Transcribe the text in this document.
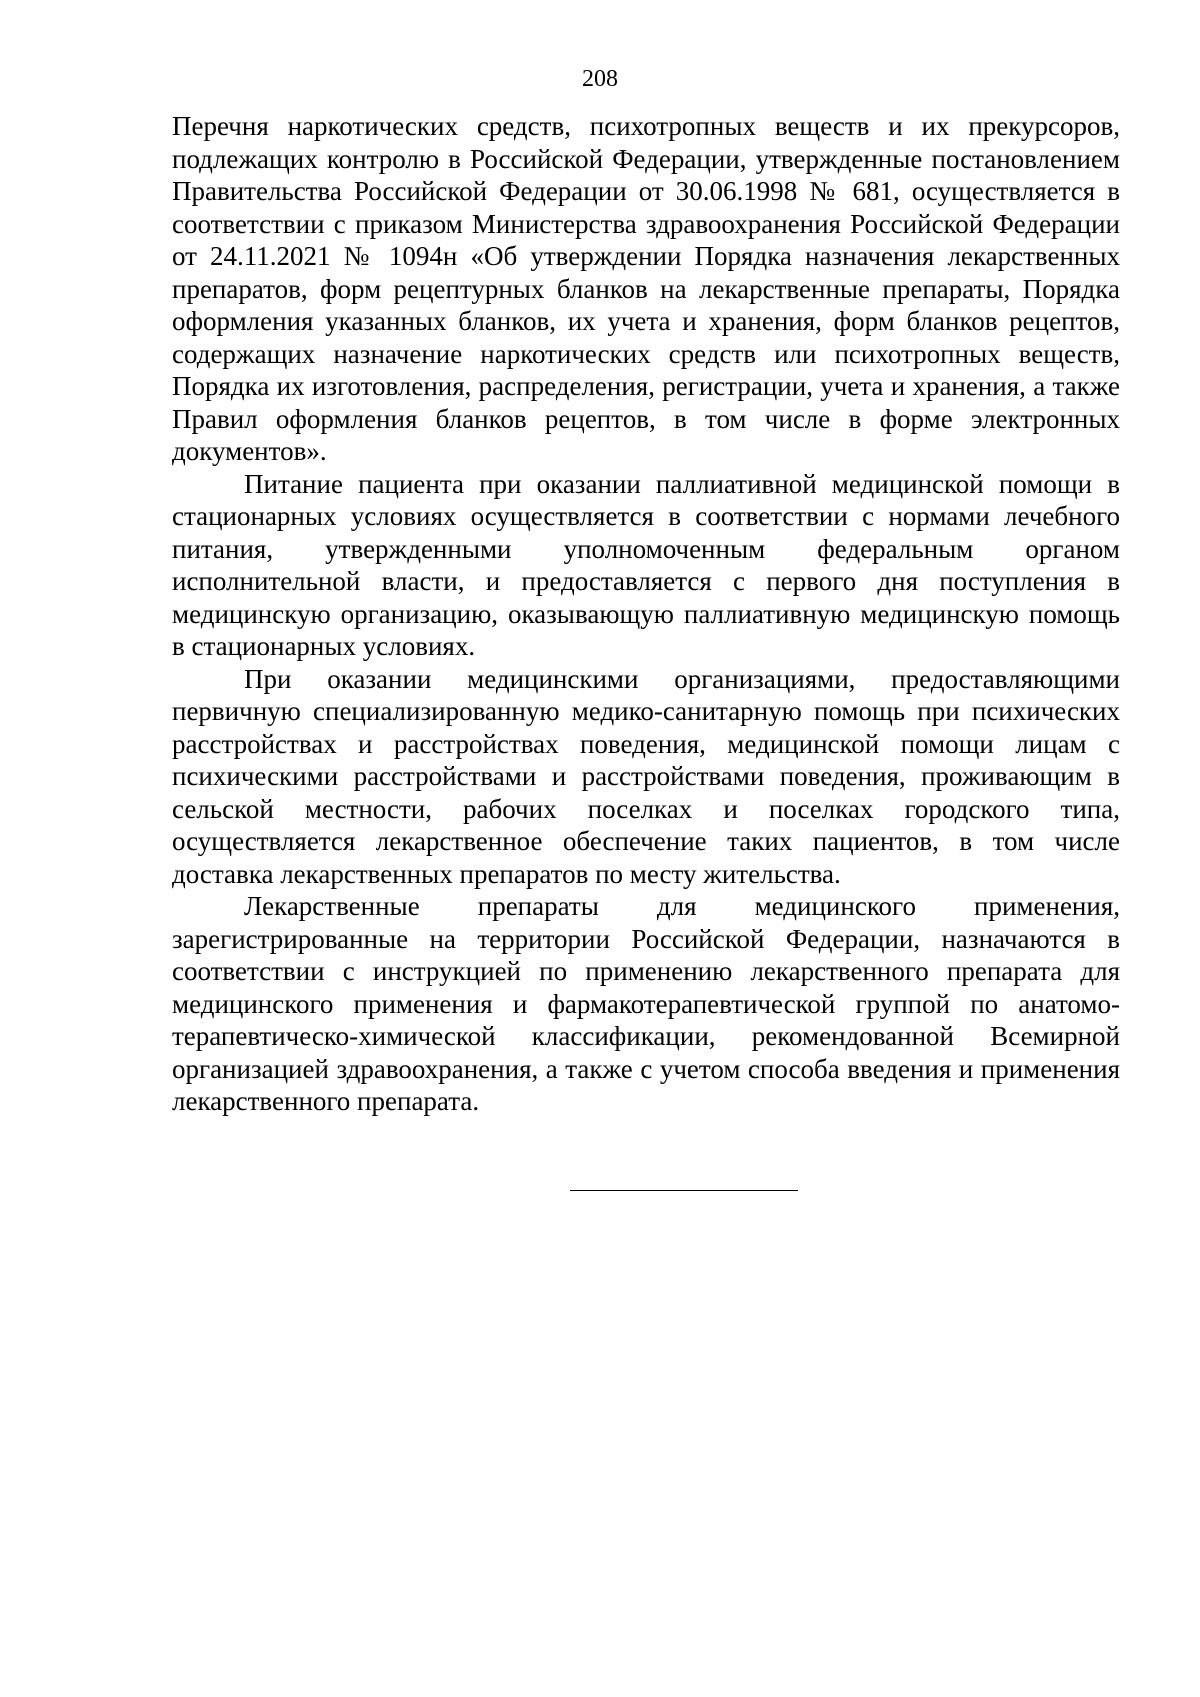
208

Перечня наркотических средств, психотропных веществ и их прекурсоров, подлежащих контролю в Российской Федерации, утвержденные постановлением Правительства Российской Федерации от 30.06.1998 № 681, осуществляется в соответствии с приказом Министерства здравоохранения Российской Федерации от 24.11.2021 № 1094н «Об утверждении Порядка назначения лекарственных препаратов, форм рецептурных бланков на лекарственные препараты, Порядка оформления указанных бланков, их учета и хранения, форм бланков рецептов, содержащих назначение наркотических средств или психотропных веществ, Порядка их изготовления, распределения, регистрации, учета и хранения, а также Правил оформления бланков рецептов, в том числе в форме электронных документов».

Питание пациента при оказании паллиативной медицинской помощи в стационарных условиях осуществляется в соответствии с нормами лечебного питания, утвержденными уполномоченным федеральным органом исполнительной власти, и предоставляется с первого дня поступления в медицинскую организацию, оказывающую паллиативную медицинскую помощь в стационарных условиях.

При оказании медицинскими организациями, предоставляющими первичную специализированную медико-санитарную помощь при психических расстройствах и расстройствах поведения, медицинской помощи лицам с психическими расстройствами и расстройствами поведения, проживающим в сельской местности, рабочих поселках и поселках городского типа, осуществляется лекарственное обеспечение таких пациентов, в том числе доставка лекарственных препаратов по месту жительства.

Лекарственные препараты для медицинского применения, зарегистрированные на территории Российской Федерации, назначаются в соответствии с инструкцией по применению лекарственного препарата для медицинского применения и фармакотерапевтической группой по анатомо-терапевтическо-химической классификации, рекомендованной Всемирной организацией здравоохранения, а также с учетом способа введения и применения лекарственного препарата.
